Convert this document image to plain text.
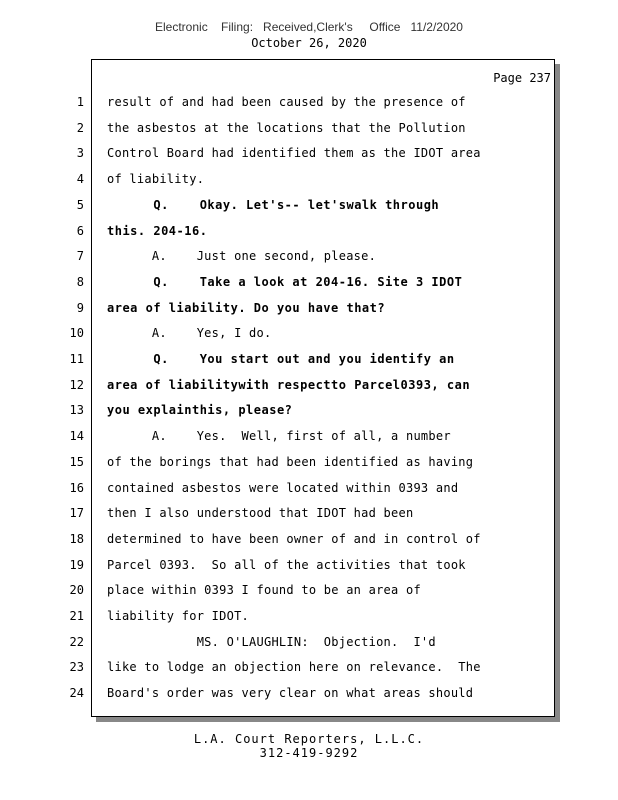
Electronic    Filing:   Received,Clerk's     Office   11/2/2020
October 26, 2020
Page 237
1 result of and had been caused by the presence of
2 the asbestos at the locations that the Pollution
3 Control Board had identified them as the IDOT area
4 of liability.
5 Q.    Okay. Let's-- let'swalk through
6 this. 204-16.
7 A.    Just one second, please.
8 Q.    Take a look at 204-16. Site 3 IDOT
9 area of liability. Do you have that?
10 A.    Yes, I do.
11 Q.    You start out and you identify an
12 area of liabilitywith respectto Parcel0393, can
13 you explainthis, please?
14 A.    Yes.  Well, first of all, a number
15 of the borings that had been identified as having
16 contained asbestos were located within 0393 and
17 then I also understood that IDOT had been
18 determined to have been owner of and in control of
19 Parcel 0393.  So all of the activities that took
20 place within 0393 I found to be an area of
21 liability for IDOT.
22 MS. O'LAUGHLIN:  Objection.  I'd
23 like to lodge an objection here on relevance.  The
24 Board's order was very clear on what areas should
L.A. Court Reporters, L.L.C.
312-419-9292
